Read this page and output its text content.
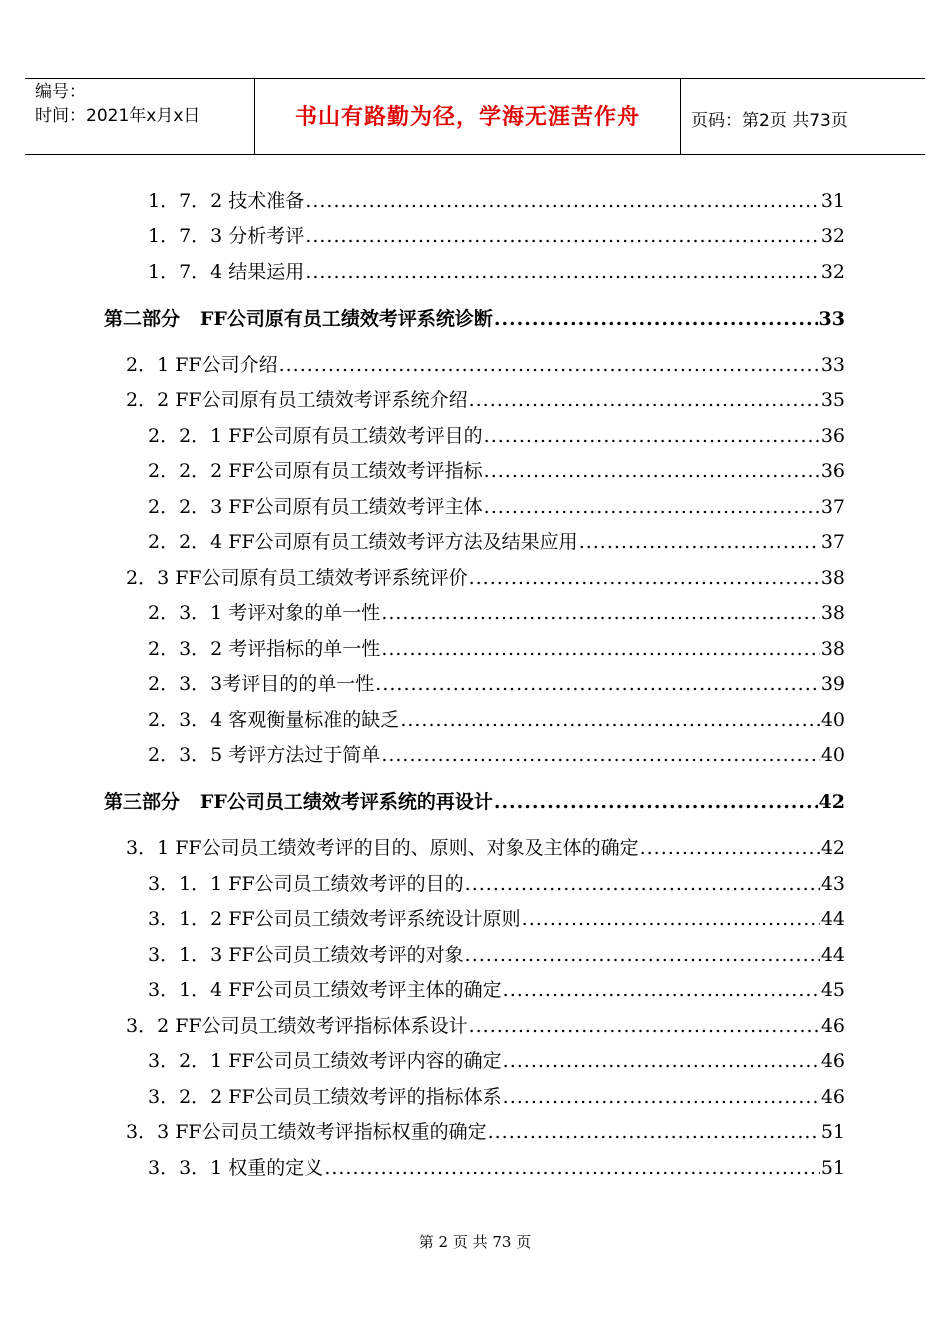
编号：
时间：2021年x月x日	书山有路勤为径，学海无涯苦作舟	页码：第2页 共73页
1．7．2 技术准备 .....	31
1．7．3 分析考评 .....	32
1．7．4 结果运用 .....	32
第二部分   FF公司原有员工绩效考评系统诊断 .....	33
2．1 FF公司介绍 .....	33
2．2 FF公司原有员工绩效考评系统介绍 .....	35
2．2．1 FF公司原有员工绩效考评目的 .....	36
2．2．2 FF公司原有员工绩效考评指标 .....	36
2．2．3 FF公司原有员工绩效考评主体 .....	37
2．2．4 FF公司原有员工绩效考评方法及结果应用 .....	37
2．3 FF公司原有员工绩效考评系统评价 .....	38
2．3．1 考评对象的单一性 .....	38
2．3．2 考评指标的单一性 .....	38
2．3．3考评目的的单一性 .....	39
2．3．4 客观衡量标准的缺乏 .....	40
2．3．5 考评方法过于简单 .....	40
第三部分   FF公司员工绩效考评系统的再设计 .....	42
3．1 FF公司员工绩效考评的目的、原则、对象及主体的确定 .....	42
3．1．1 FF公司员工绩效考评的目的 .....	43
3．1．2 FF公司员工绩效考评系统设计原则 .....	44
3．1．3 FF公司员工绩效考评的对象 .....	44
3．1．4 FF公司员工绩效考评主体的确定 .....	45
3．2 FF公司员工绩效考评指标体系设计 .....	46
3．2．1 FF公司员工绩效考评内容的确定 .....	46
3．2．2 FF公司员工绩效考评的指标体系 .....	46
3．3 FF公司员工绩效考评指标权重的确定 .....	51
3．3．1 权重的定义 .....	51
第 2 页 共 73 页
